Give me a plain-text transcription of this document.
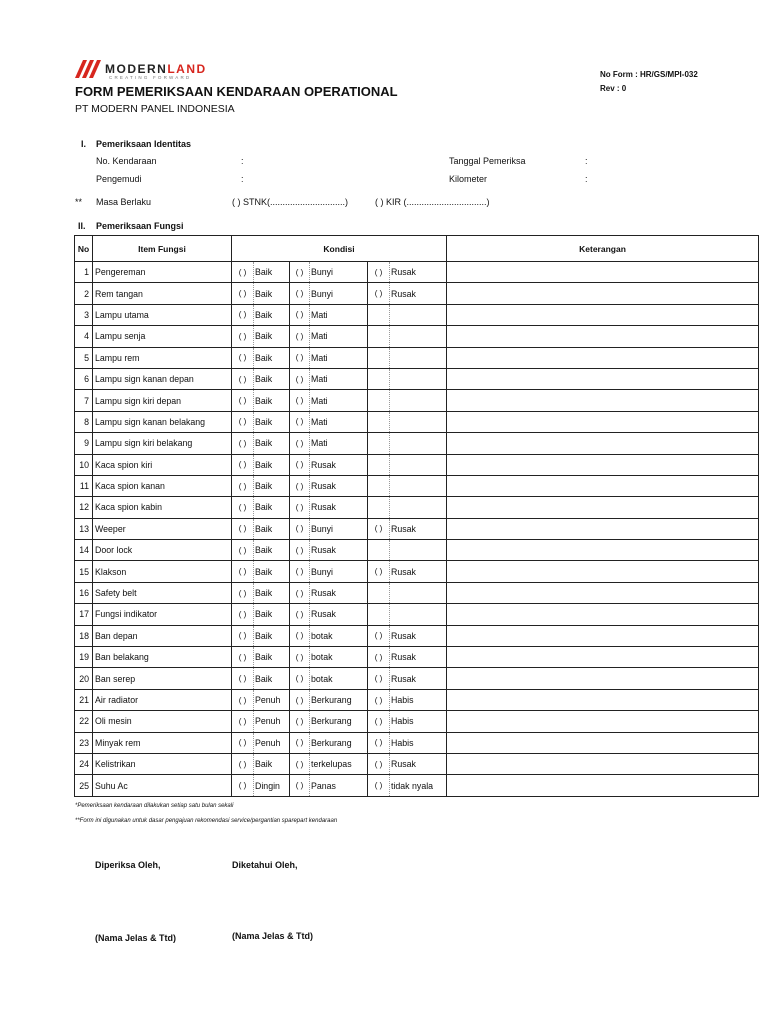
MODERNLAND
CREATING FORWARD
FORM PEMERIKSAAN KENDARAAN OPERATIONAL
PT MODERN PANEL INDONESIA
No Form : HR/GS/MPI-032
Rev : 0
I. Pemeriksaan Identitas
No. Kendaraan	:	Tanggal Pemeriksa	:
Pengemudi	:	Kilometer	:
** Masa Berlaku	( ) STNK(..............................)	( ) KIR (................................)
II. Pemeriksaan Fungsi
No	Item Fungsi	Kondisi						Keterangan
1	Pengereman	( )	Baik	( )	Bunyi	( )	Rusak	
2	Rem tangan	( )	Baik	( )	Bunyi	( )	Rusak	
3	Lampu utama	( )	Baik	( )	Mati			
4	Lampu senja	( )	Baik	( )	Mati			
5	Lampu rem	( )	Baik	( )	Mati			
6	Lampu sign kanan depan	( )	Baik	( )	Mati			
7	Lampu sign kiri depan	( )	Baik	( )	Mati			
8	Lampu sign kanan belakang	( )	Baik	( )	Mati			
9	Lampu sign kiri belakang	( )	Baik	( )	Mati			
10	Kaca spion kiri	( )	Baik	( )	Rusak			
11	Kaca spion kanan	( )	Baik	( )	Rusak			
12	Kaca spion kabin	( )	Baik	( )	Rusak			
13	Weeper	( )	Baik	( )	Bunyi	( )	Rusak	
14	Door lock	( )	Baik	( )	Rusak			
15	Klakson	( )	Baik	( )	Bunyi	( )	Rusak	
16	Safety belt	( )	Baik	( )	Rusak			
17	Fungsi indikator	( )	Baik	( )	Rusak			
18	Ban depan	( )	Baik	( )	botak	( )	Rusak	
19	Ban belakang	( )	Baik	( )	botak	( )	Rusak	
20	Ban serep	( )	Baik	( )	botak	( )	Rusak	
21	Air radiator	( )	Penuh	( )	Berkurang	( )	Habis	
22	Oli mesin	( )	Penuh	( )	Berkurang	( )	Habis	
23	Minyak rem	( )	Penuh	( )	Berkurang	( )	Habis	
24	Kelistrikan	( )	Baik	( )	terkelupas	( )	Rusak	
25	Suhu Ac	( )	Dingin	( )	Panas	( )	tidak nyala	
*Pemeriksaan kendaraan dilakukan setiap satu bulan sekali
**Form ini digunakan untuk dasar pengajuan rekomendasi service/pergantian sparepart kendaraan
Diperiksa Oleh,	Diketahui Oleh,
(Nama Jelas & Ttd)	(Nama Jelas & Ttd)
